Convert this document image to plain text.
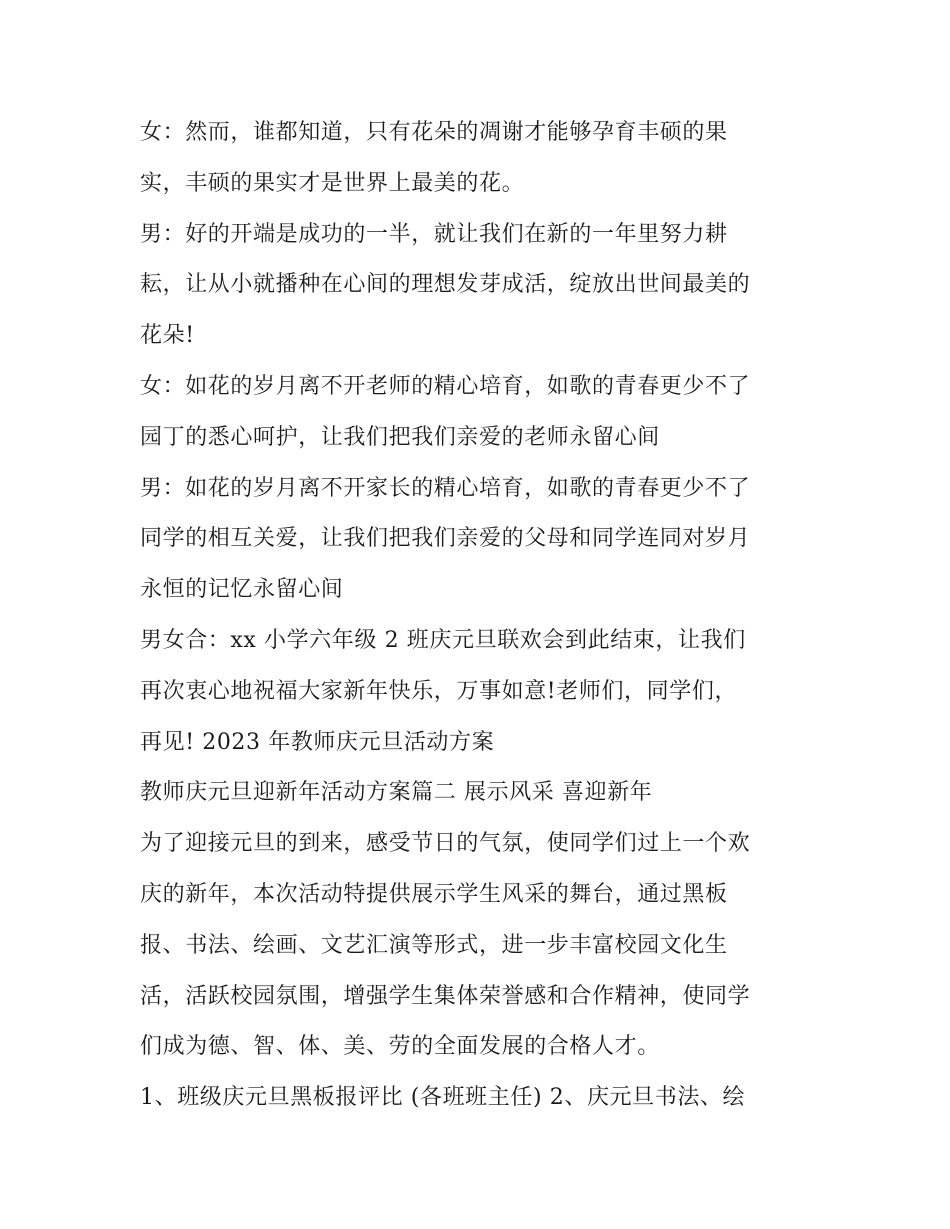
女：然而，谁都知道，只有花朵的凋谢才能够孕育丰硕的果
实，丰硕的果实才是世界上最美的花。
男：好的开端是成功的一半，就让我们在新的一年里努力耕
耘，让从小就播种在心间的理想发芽成活，绽放出世间最美的
花朵!
女：如花的岁月离不开老师的精心培育，如歌的青春更少不了
园丁的悉心呵护，让我们把我们亲爱的老师永留心间
男：如花的岁月离不开家长的精心培育，如歌的青春更少不了
同学的相互关爱，让我们把我们亲爱的父母和同学连同对岁月
永恒的记忆永留心间
男女合：xx 小学六年级 2 班庆元旦联欢会到此结束，让我们
再次衷心地祝福大家新年快乐，万事如意!老师们，同学们，
再见! 2023 年教师庆元旦活动方案
教师庆元旦迎新年活动方案篇二 展示风采 喜迎新年
为了迎接元旦的到来，感受节日的气氛，使同学们过上一个欢
庆的新年，本次活动特提供展示学生风采的舞台，通过黑板
报、书法、绘画、文艺汇演等形式，进一步丰富校园文化生
活，活跃校园氛围，增强学生集体荣誉感和合作精神，使同学
们成为德、智、体、美、劳的全面发展的合格人才。
1、班级庆元旦黑板报评比 (各班班主任) 2、庆元旦书法、绘
